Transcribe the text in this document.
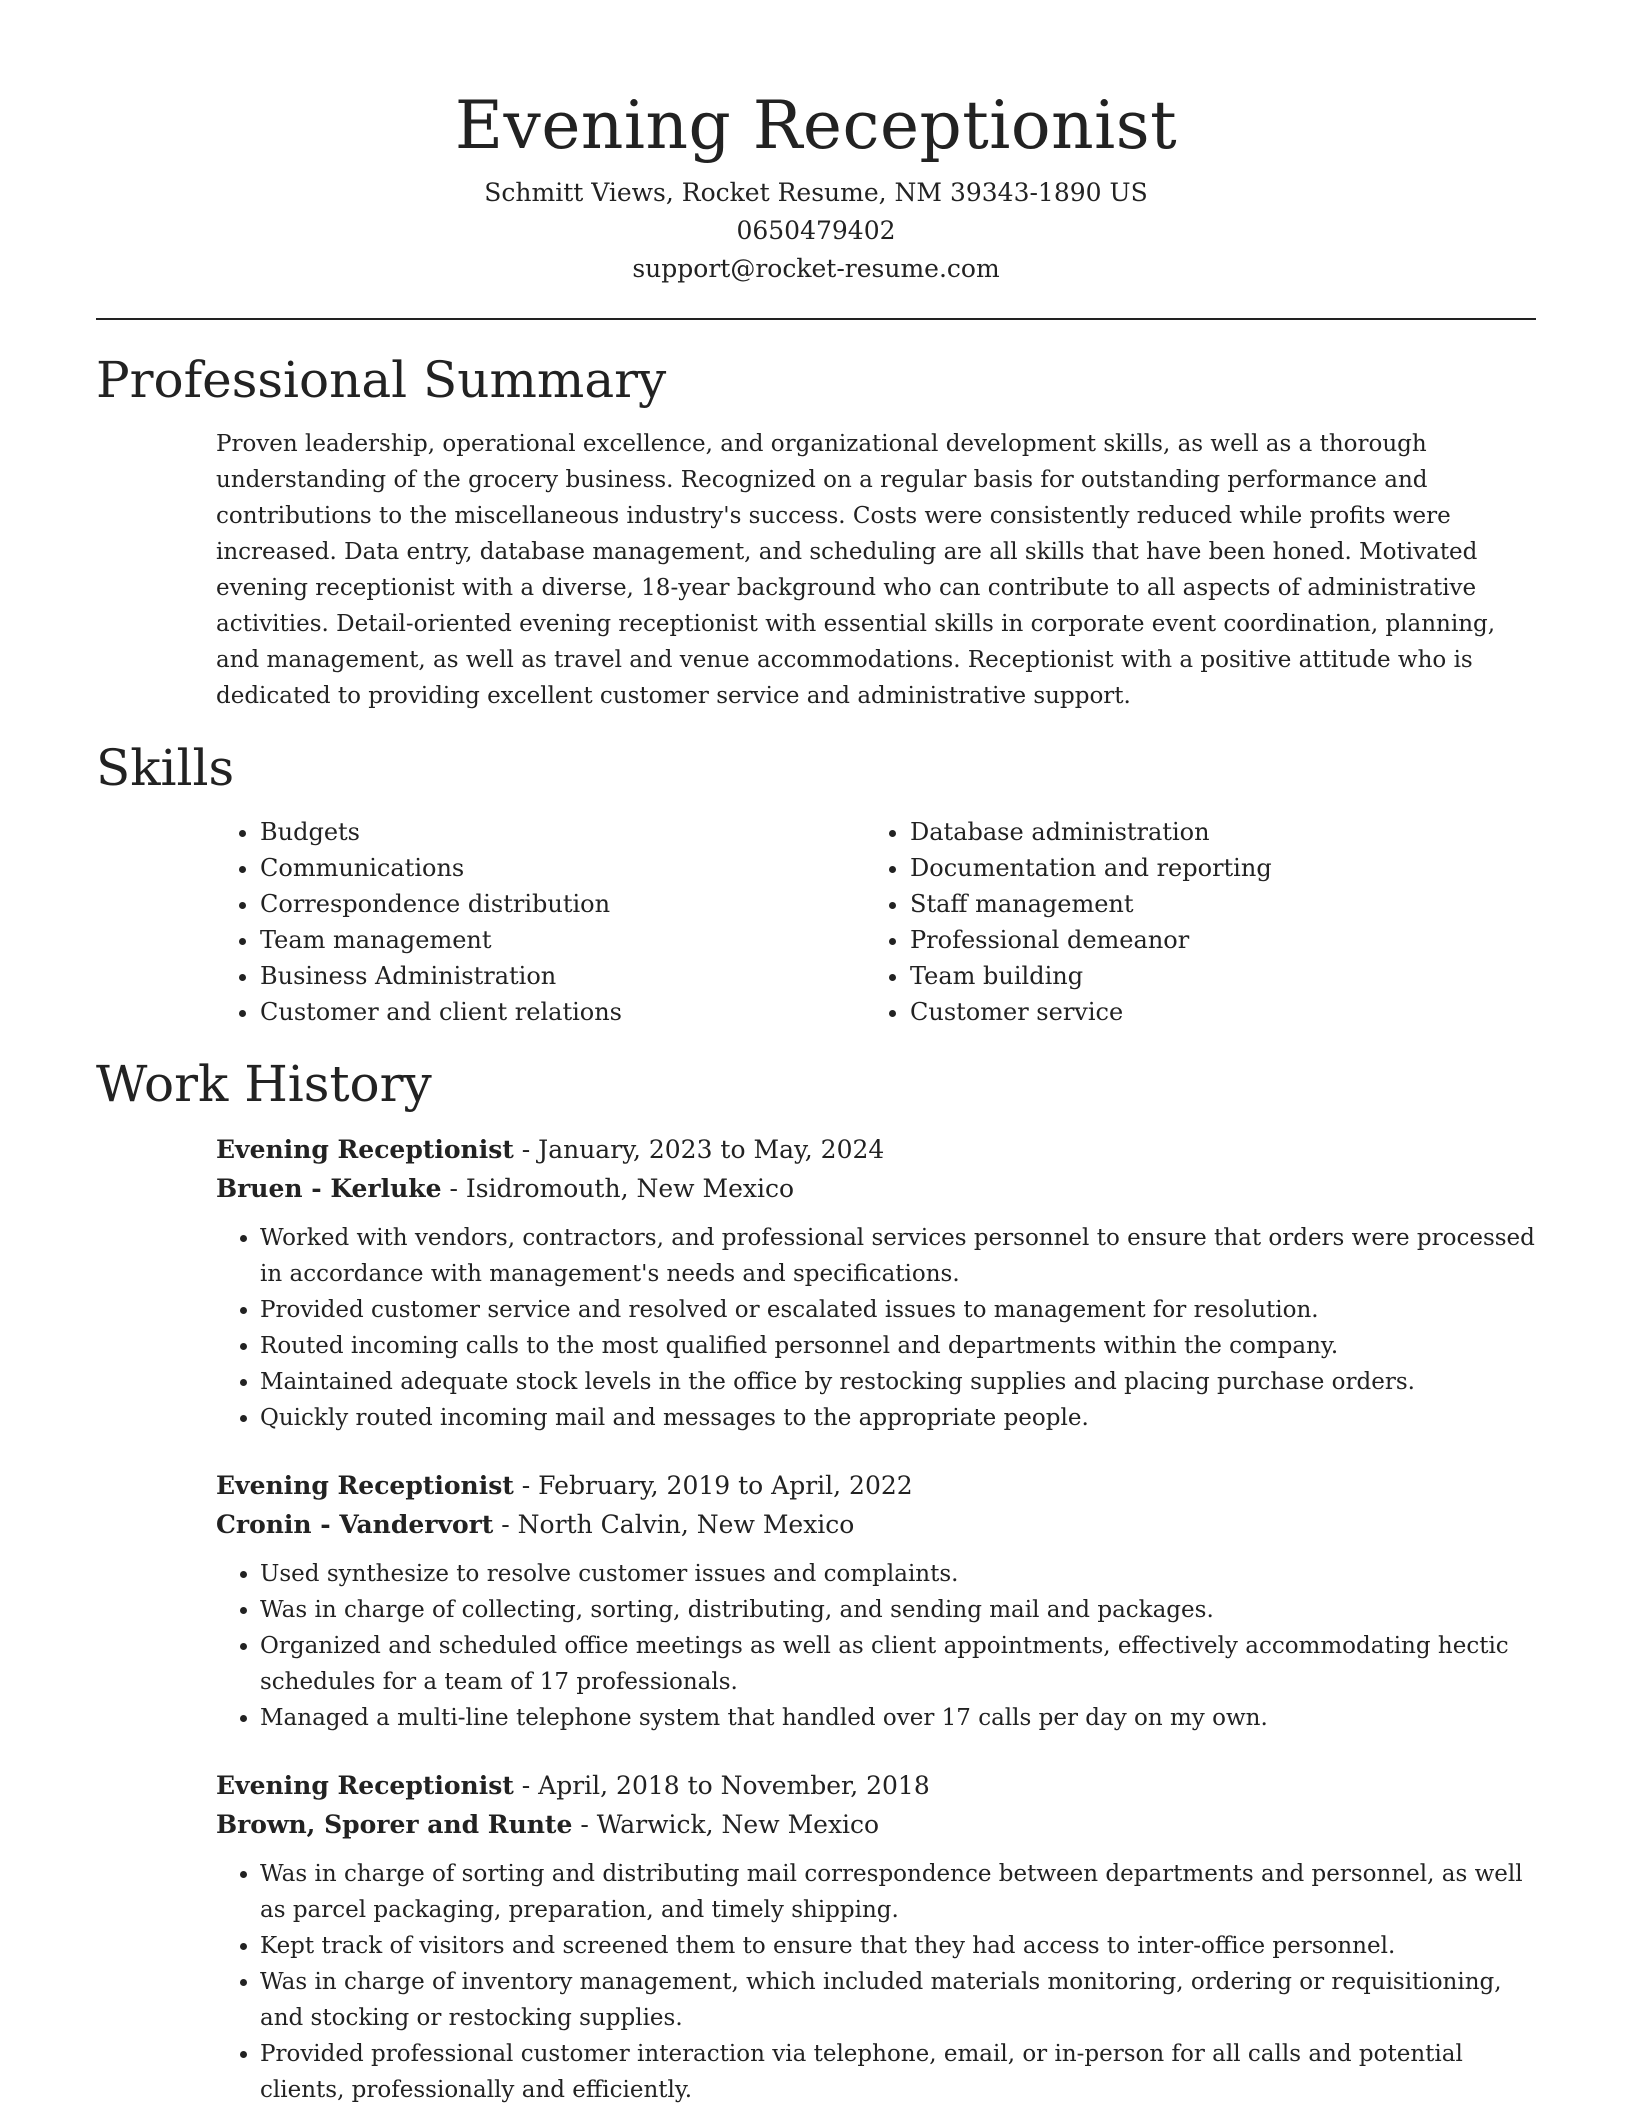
Evening Receptionist

Schmitt Views, Rocket Resume, NM 39343-1890 US

0650479402

support@rocket-resume.com

Professional Summary

Proven leadership, operational excellence, and organizational development skills, as well as a thorough understanding of the grocery business. Recognized on a regular basis for outstanding performance and contributions to the miscellaneous industry's success. Costs were consistently reduced while profits were increased. Data entry, database management, and scheduling are all skills that have been honed. Motivated evening receptionist with a diverse, 18-year background who can contribute to all aspects of administrative activities. Detail-oriented evening receptionist with essential skills in corporate event coordination, planning, and management, as well as travel and venue accommodations. Receptionist with a positive attitude who is dedicated to providing excellent customer service and administrative support.

Skills
• Budgets
• Communications
• Correspondence distribution
• Team management
• Business Administration
• Customer and client relations
• Database administration
• Documentation and reporting
• Staff management
• Professional demeanor
• Team building
• Customer service
Work History

Evening Receptionist - January, 2023 to May, 2024

Bruen - Kerluke - Isidromouth, New Mexico

• Worked with vendors, contractors, and professional services personnel to ensure that orders were processed in accordance with management's needs and specifications.
• Provided customer service and resolved or escalated issues to management for resolution.
• Routed incoming calls to the most qualified personnel and departments within the company.
• Maintained adequate stock levels in the office by restocking supplies and placing purchase orders.
• Quickly routed incoming mail and messages to the appropriate people.

Evening Receptionist - February, 2019 to April, 2022

Cronin - Vandervort - North Calvin, New Mexico

• Used synthesize to resolve customer issues and complaints.
• Was in charge of collecting, sorting, distributing, and sending mail and packages.
• Organized and scheduled office meetings as well as client appointments, effectively accommodating hectic schedules for a team of 17 professionals.
• Managed a multi-line telephone system that handled over 17 calls per day on my own.

Evening Receptionist - April, 2018 to November, 2018

Brown, Sporer and Runte - Warwick, New Mexico

• Was in charge of sorting and distributing mail correspondence between departments and personnel, as well as parcel packaging, preparation, and timely shipping.
• Kept track of visitors and screened them to ensure that they had access to inter-office personnel.
• Was in charge of inventory management, which included materials monitoring, ordering or requisitioning, and stocking or restocking supplies.
• Provided professional customer interaction via telephone, email, or in-person for all calls and potential clients, professionally and efficiently.
